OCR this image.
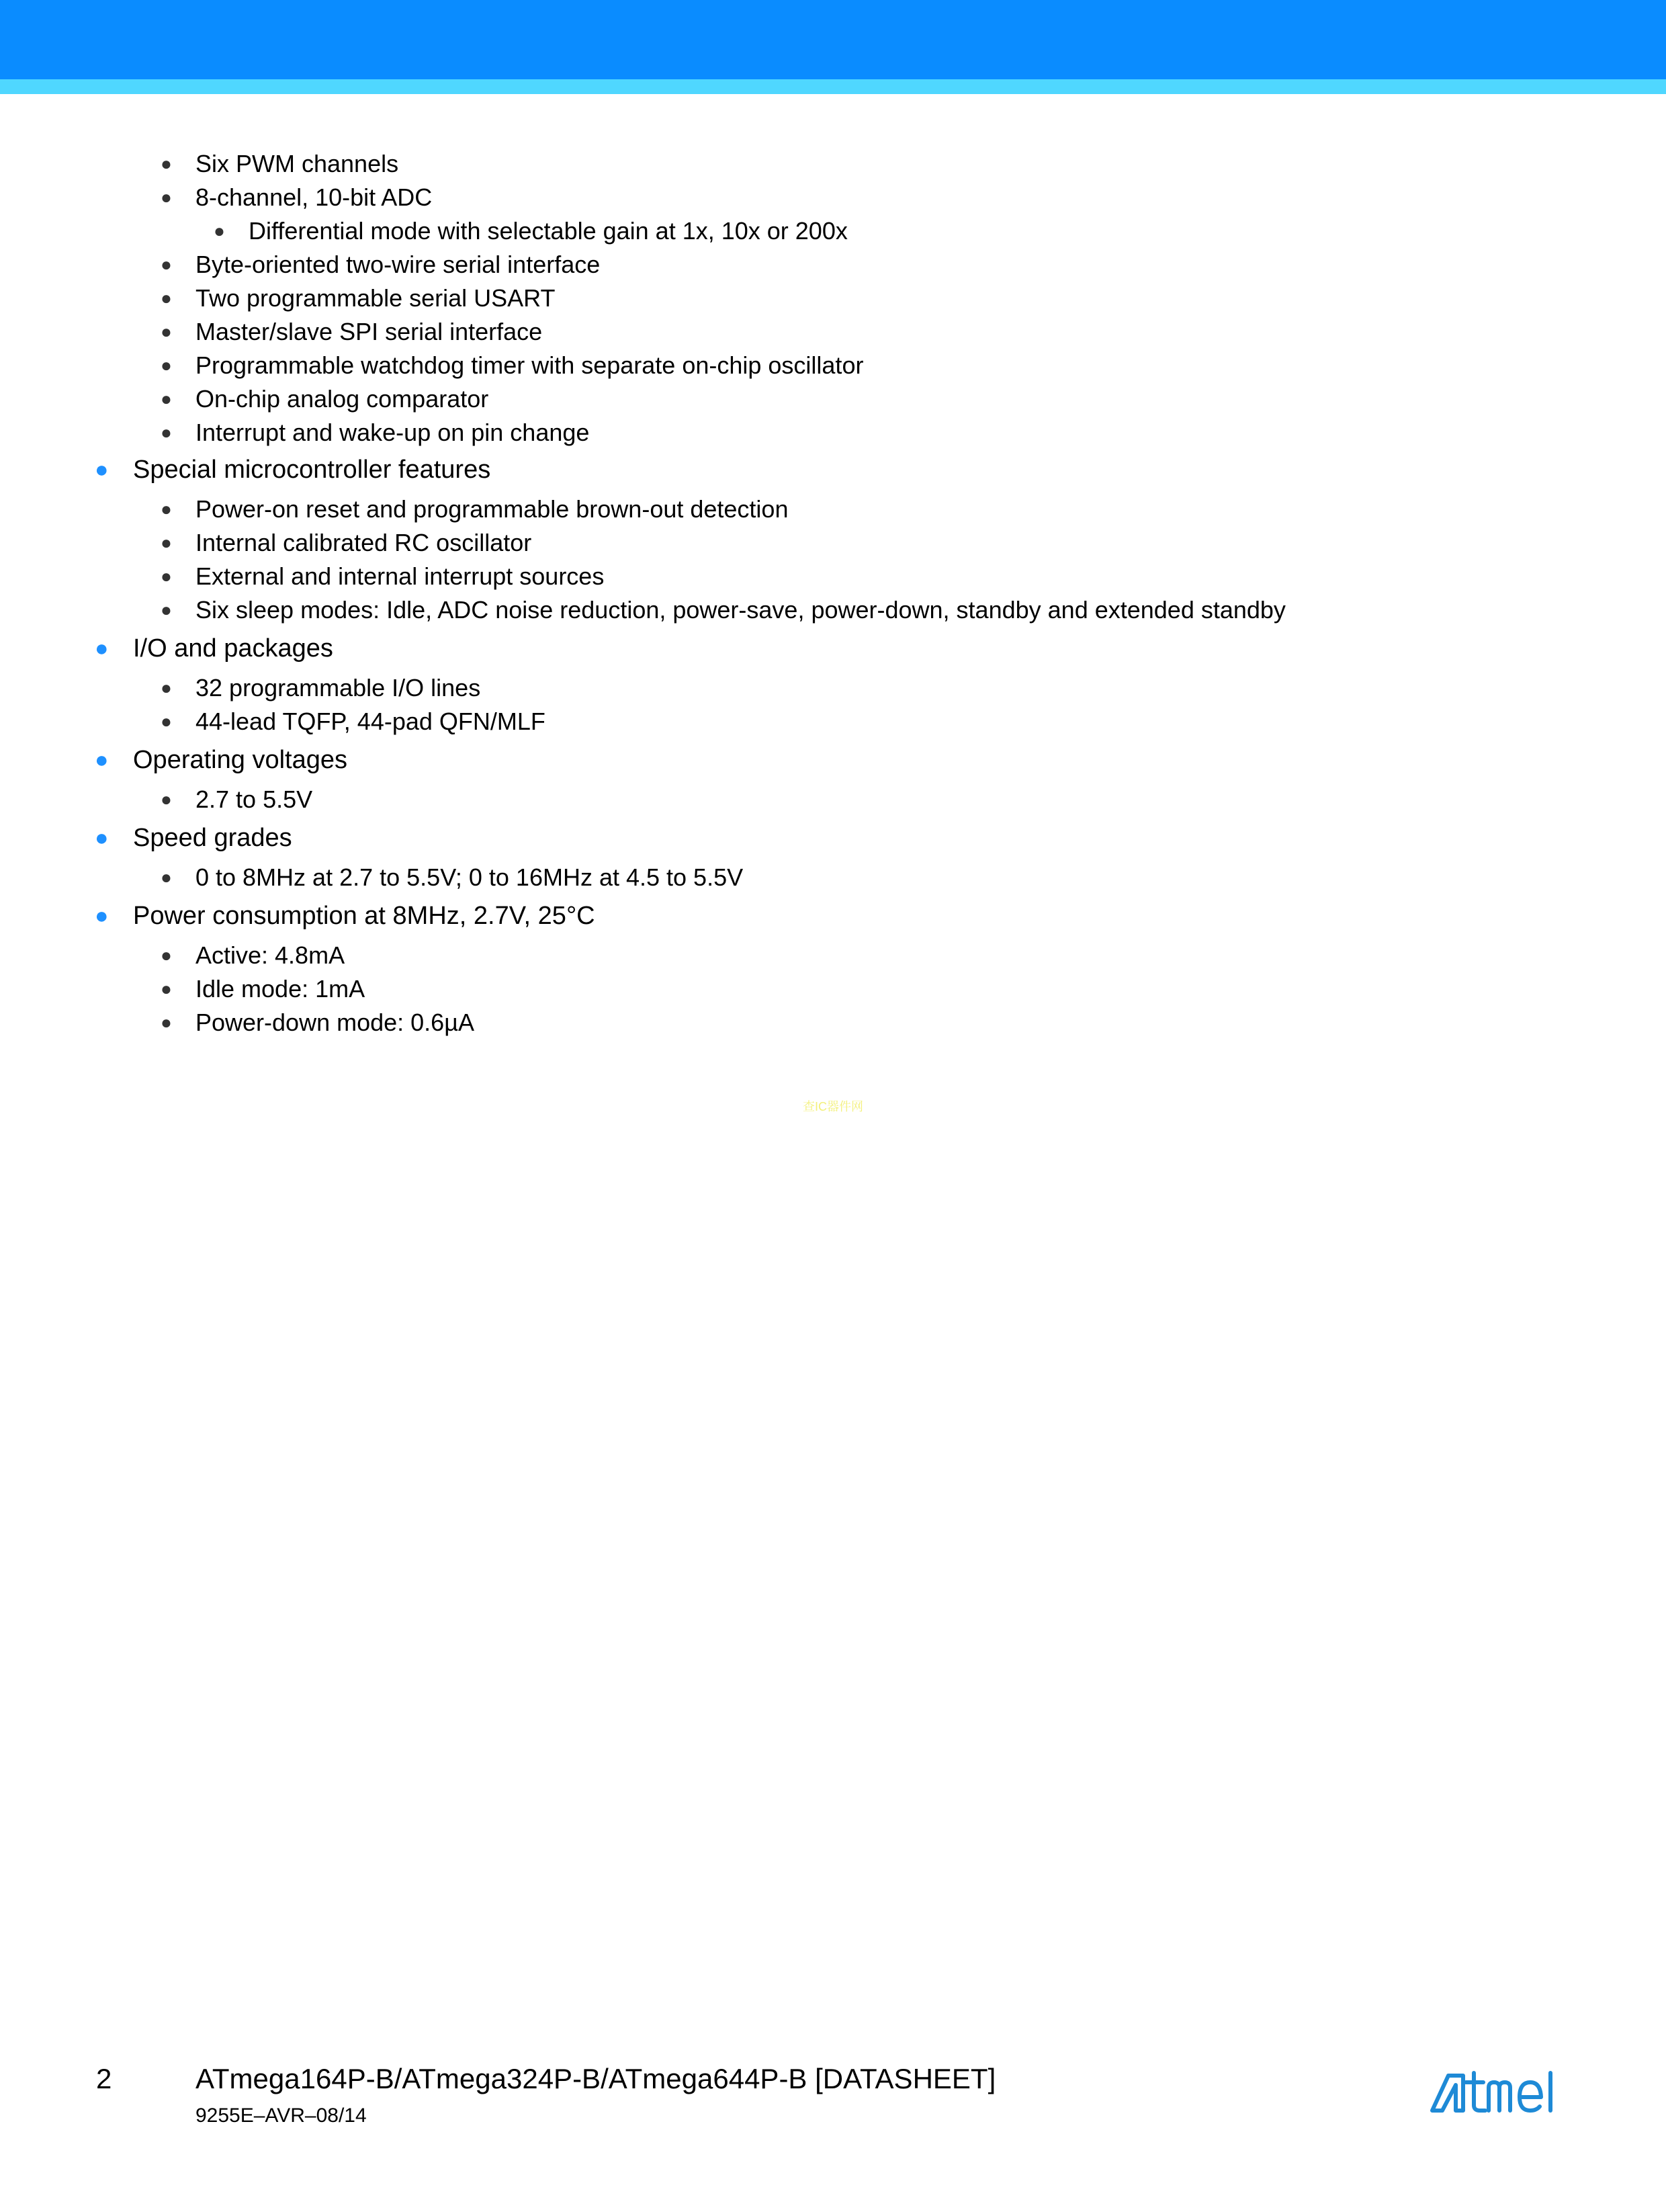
● Six PWM channels
● 8-channel, 10-bit ADC
● Differential mode with selectable gain at 1x, 10x or 200x
● Byte-oriented two-wire serial interface
● Two programmable serial USART
● Master/slave SPI serial interface
● Programmable watchdog timer with separate on-chip oscillator
● On-chip analog comparator
● Interrupt and wake-up on pin change
● Special microcontroller features
● Power-on reset and programmable brown-out detection
● Internal calibrated RC oscillator
● External and internal interrupt sources
● Six sleep modes: Idle, ADC noise reduction, power-save, power-down, standby and extended standby
● I/O and packages
● 32 programmable I/O lines
● 44-lead TQFP, 44-pad QFN/MLF
● Operating voltages
● 2.7 to 5.5V
● Speed grades
● 0 to 8MHz at 2.7 to 5.5V; 0 to 16MHz at 4.5 to 5.5V
● Power consumption at 8MHz, 2.7V, 25°C
● Active: 4.8mA
● Idle mode: 1mA
● Power-down mode: 0.6µA
查IC器件网
2	ATmega164P-B/ATmega324P-B/ATmega644P-B [DATASHEET]
9255E–AVR–08/14
